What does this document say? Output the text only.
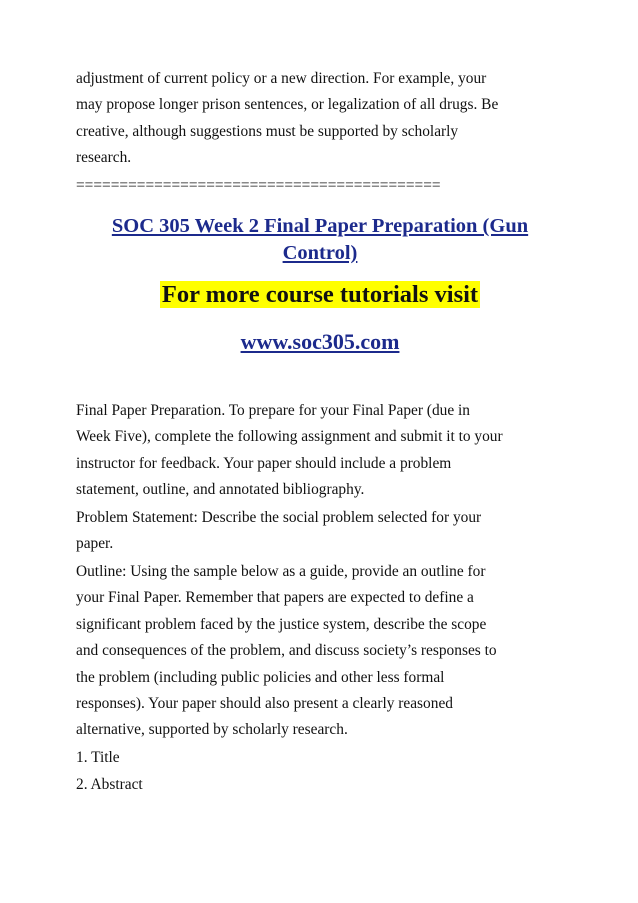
adjustment of current policy or a new direction. For example, your
may propose longer prison sentences, or legalization of all drugs. Be
creative, although suggestions must be supported by scholarly
research.

==========================================
SOC 305 Week 2 Final Paper Preparation (Gun
Control)
For more course tutorials visit
www.soc305.com

Final Paper Preparation. To prepare for your Final Paper (due in
Week Five), complete the following assignment and submit it to your
instructor for feedback. Your paper should include a problem
statement, outline, and annotated bibliography.

Problem Statement: Describe the social problem selected for your
paper.

Outline: Using the sample below as a guide, provide an outline for
your Final Paper. Remember that papers are expected to define a
significant problem faced by the justice system, describe the scope
and consequences of the problem, and discuss society’s responses to
the problem (including public policies and other less formal
responses). Your paper should also present a clearly reasoned
alternative, supported by scholarly research.

1. Title
2. Abstract
